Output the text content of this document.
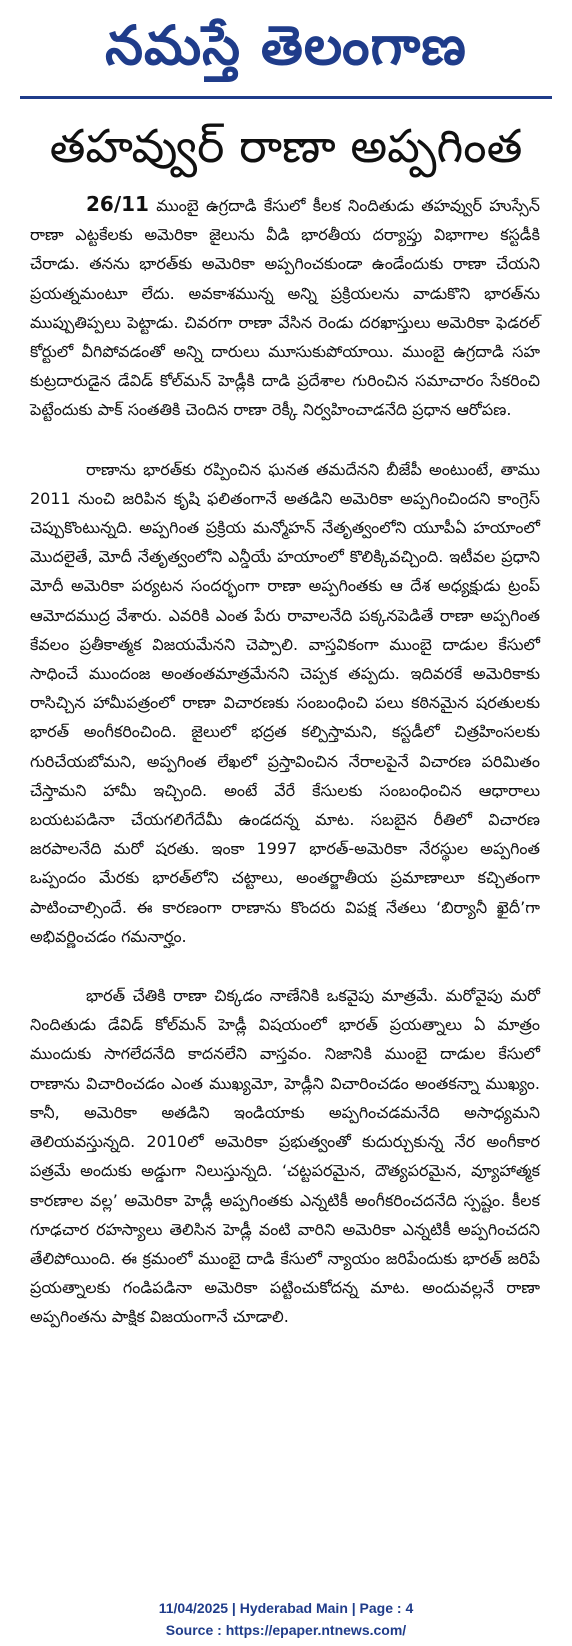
నమస్తే తెలంగాణ
తహవ్వుర్ రాణా అప్పగింత

26/11 ముంబై ఉగ్రదాడి కేసులో కీలక నిందితుడు తహవ్వుర్ హుస్సేన్ రాణా ఎట్టకేలకు అమెరికా జైలును వీడి భారతీయ దర్యాప్తు విభాగాల కస్టడీకి చేరాడు. తనను భారత్‌కు అమెరికా అప్పగించకుండా ఉండేందుకు రాణా చేయని ప్రయత్నమంటూ లేదు. అవకాశమున్న అన్ని ప్రక్రియలను వాడుకొని భారత్‌ను ముప్పుతిప్పలు పెట్టాడు. చివరగా రాణా వేసిన రెండు దరఖాస్తులు అమెరికా ఫెడరల్ కోర్టులో వీగిపోవడంతో అన్ని దారులు మూసుకుపోయాయి. ముంబై ఉగ్రదాడి సహ కుట్రదారుడైన డేవిడ్ కోల్‌మన్ హెడ్లీకి దాడి ప్రదేశాల గురించిన సమాచారం సేకరించి పెట్టేందుకు పాక్ సంతతికి చెందిన రాణా రెక్కీ నిర్వహించాడనేది ప్రధాన ఆరోపణ.

రాణాను భారత్‌కు రప్పించిన ఘనత తమదేనని బీజేపీ అంటుంటే, తాము 2011 నుంచి జరిపిన కృషి ఫలితంగానే అతడిని అమెరికా అప్పగించిందని కాంగ్రెస్ చెప్పుకొంటున్నది. అప్పగింత ప్రక్రియ మన్మోహన్ నేతృత్వంలోని యూపీఏ హయాంలో మొదలైతే, మోదీ నేతృత్వంలోని ఎన్డీయే హయాంలో కొలిక్కివచ్చింది. ఇటీవల ప్రధాని మోదీ అమెరికా పర్యటన సందర్భంగా రాణా అప్పగింతకు ఆ దేశ అధ్యక్షుడు ట్రంప్ ఆమోదముద్ర వేశారు. ఎవరికి ఎంత పేరు రావాలనేది పక్కనపెడితే రాణా అప్పగింత కేవలం ప్రతీకాత్మక విజయమేనని చెప్పాలి. వాస్తవికంగా ముంబై దాడుల కేసులో సాధించే ముందంజ అంతంతమాత్రమేనని చెప్పక తప్పదు. ఇదివరకే అమెరికాకు రాసిచ్చిన హామీపత్రంలో రాణా విచారణకు సంబంధించి పలు కఠినమైన షరతులకు భారత్ అంగీకరించింది. జైలులో భద్రత కల్పిస్తామని, కస్టడీలో చిత్రహింసలకు గురిచేయబోమని, అప్పగింత లేఖలో ప్రస్తావించిన నేరాలపైనే విచారణ పరిమితం చేస్తామని హామీ ఇచ్చింది. అంటే వేరే కేసులకు సంబంధించిన ఆధారాలు బయటపడినా చేయగలిగేదేమీ ఉండదన్న మాట. సబబైన రీతిలో విచారణ జరపాలనేది మరో షరతు. ఇంకా 1997 భారత్-అమెరికా నేరస్థుల అప్పగింత ఒప్పందం మేరకు భారత్‌లోని చట్టాలు, అంతర్జాతీయ ప్రమాణాలూ కచ్చితంగా పాటించాల్సిందే. ఈ కారణంగా రాణాను కొందరు విపక్ష నేతలు ‘బిర్యానీ ఖైదీ’గా అభివర్ణించడం గమనార్హం.

భారత్ చేతికి రాణా చిక్కడం నాణేనికి ఒకవైపు మాత్రమే. మరోవైపు మరో నిందితుడు డేవిడ్ కోల్‌మన్ హెడ్లీ విషయంలో భారత్ ప్రయత్నాలు ఏ మాత్రం ముందుకు సాగలేదనేది కాదనలేని వాస్తవం. నిజానికి ముంబై దాడుల కేసులో రాణాను విచారించడం ఎంత ముఖ్యమో, హెడ్లీని విచారించడం అంతకన్నా ముఖ్యం. కానీ, అమెరికా అతడిని ఇండియాకు అప్పగించడమనేది అసాధ్యమని తెలియవస్తున్నది. 2010లో అమెరికా ప్రభుత్వంతో కుదుర్చుకున్న నేర అంగీకార పత్రమే అందుకు అడ్డుగా నిలుస్తున్నది. ‘చట్టపరమైన, దౌత్యపరమైన, వ్యూహాత్మక కారణాల వల్ల’ అమెరికా హెడ్లీ అప్పగింతకు ఎన్నటికీ అంగీకరించదనేది స్పష్టం. కీలక గూఢచార రహస్యాలు తెలిసిన హెడ్లీ వంటి వారిని అమెరికా ఎన్నటికీ అప్పగించదని తేలిపోయింది. ఈ క్రమంలో ముంబై దాడి కేసులో న్యాయం జరిపేందుకు భారత్ జరిపే ప్రయత్నాలకు గండిపడినా అమెరికా పట్టించుకోదన్న మాట. అందువల్లనే రాణా అప్పగింతను పాక్షిక విజయంగానే చూడాలి.

11/04/2025 | Hyderabad Main | Page : 4
Source : https://epaper.ntnews.com/
